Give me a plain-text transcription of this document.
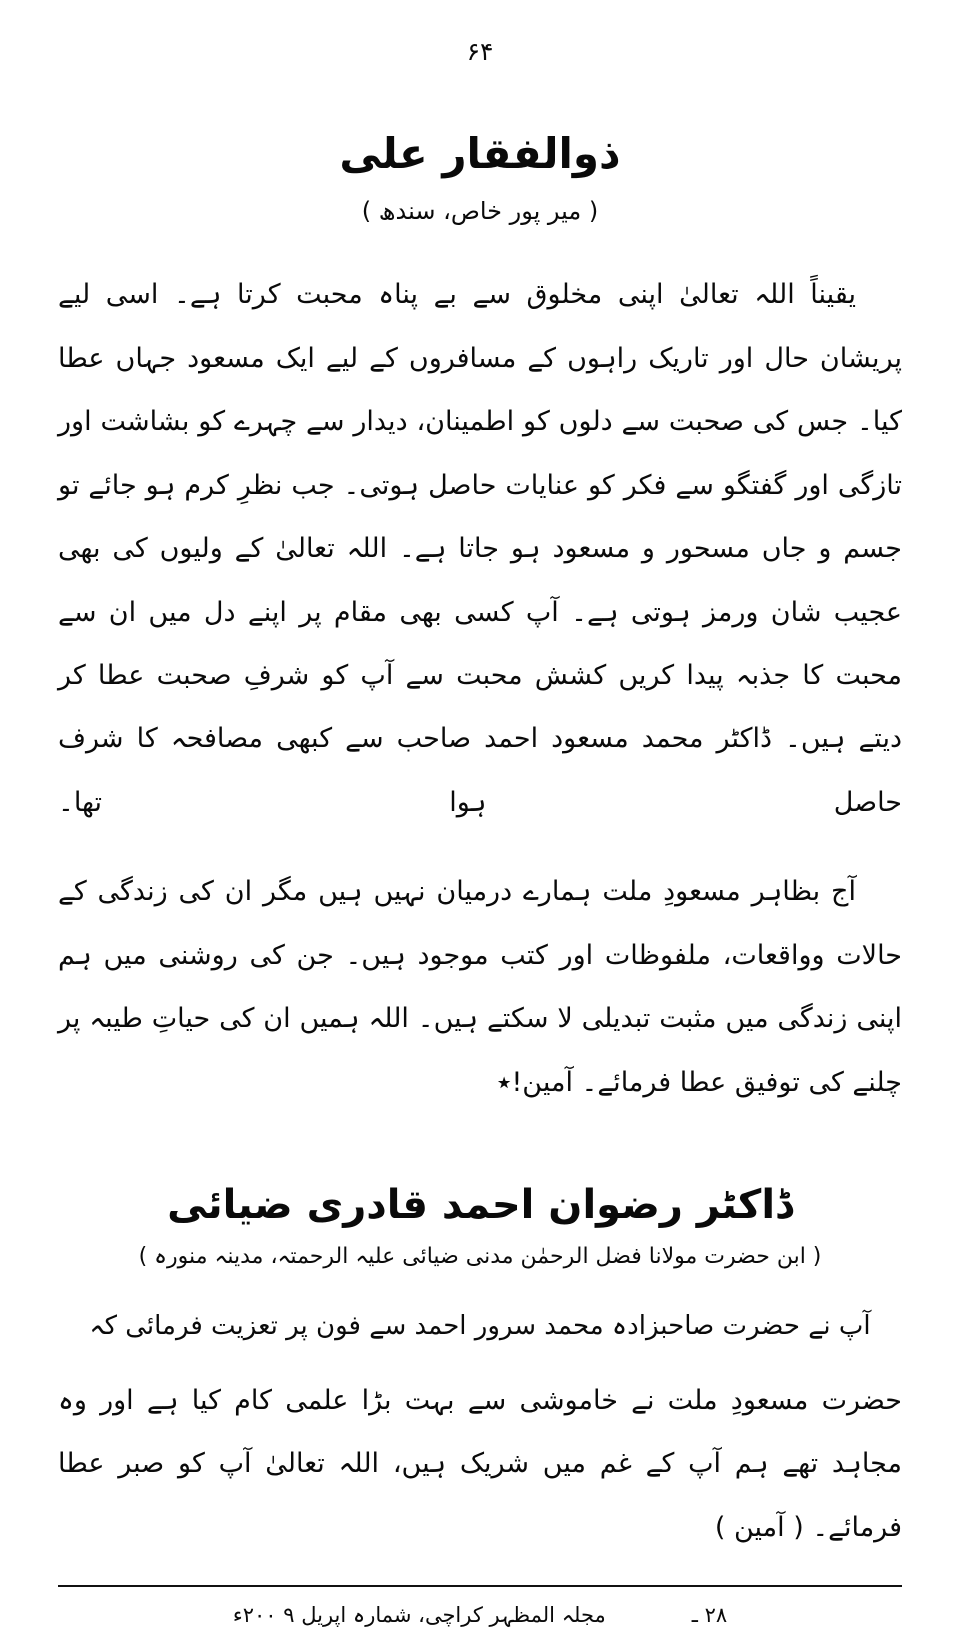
۶۴
ذوالفقار علی
( میر پور خاص، سندھ )

یقیناً اللہ تعالیٰ اپنی مخلوق سے بے پناہ محبت کرتا ہے۔ اسی لیے پریشان حال اور تاریک راہوں کے مسافروں کے لیے ایک مسعود جہاں عطا کیا۔ جس کی صحبت سے دلوں کو اطمینان، دیدار سے چہرے کو بشاشت اور تازگی اور گفتگو سے فکر کو عنایات حاصل ہوتی۔ جب نظرِ کرم ہو جائے تو جسم و جاں مسحور و مسعود ہو جاتا ہے۔ اللہ تعالیٰ کے ولیوں کی بھی عجیب شان ورمز ہوتی ہے۔ آپ کسی بھی مقام پر اپنے دل میں ان سے محبت کا جذبہ پیدا کریں کشش محبت سے آپ کو شرفِ صحبت عطا کر دیتے ہیں۔ ڈاکٹر محمد مسعود احمد صاحب سے کبھی مصافحہ کا شرف حاصل ہوا تھا۔

آج بظاہر مسعودِ ملت ہمارے درمیان نہیں ہیں مگر ان کی زندگی کے حالات وواقعات، ملفوظات اور کتب موجود ہیں۔ جن کی روشنی میں ہم اپنی زندگی میں مثبت تبدیلی لا سکتے ہیں۔ اللہ ہمیں ان کی حیاتِ طیبہ پر چلنے کی توفیق عطا فرمائے۔ آمین!٭

ڈاکٹر رضوان احمد قادری ضیائی
( ابن حضرت مولانا فضل الرحمٰن مدنی ضیائی علیہ الرحمتہ، مدینہ منورہ )
آپ نے حضرت صاحبزادہ محمد سرور احمد سے فون پر تعزیت فرمائی کہ

حضرت مسعودِ ملت نے خاموشی سے بہت بڑا علمی کام کیا ہے اور وہ مجاہد تھے ہم آپ کے غم میں شریک ہیں، اللہ تعالیٰ آپ کو صبر عطا فرمائے۔ ( آمین )

۲۸ ـ
مجلہ المظہر کراچی، شمارہ اپریل ۹ ۲۰۰ء
